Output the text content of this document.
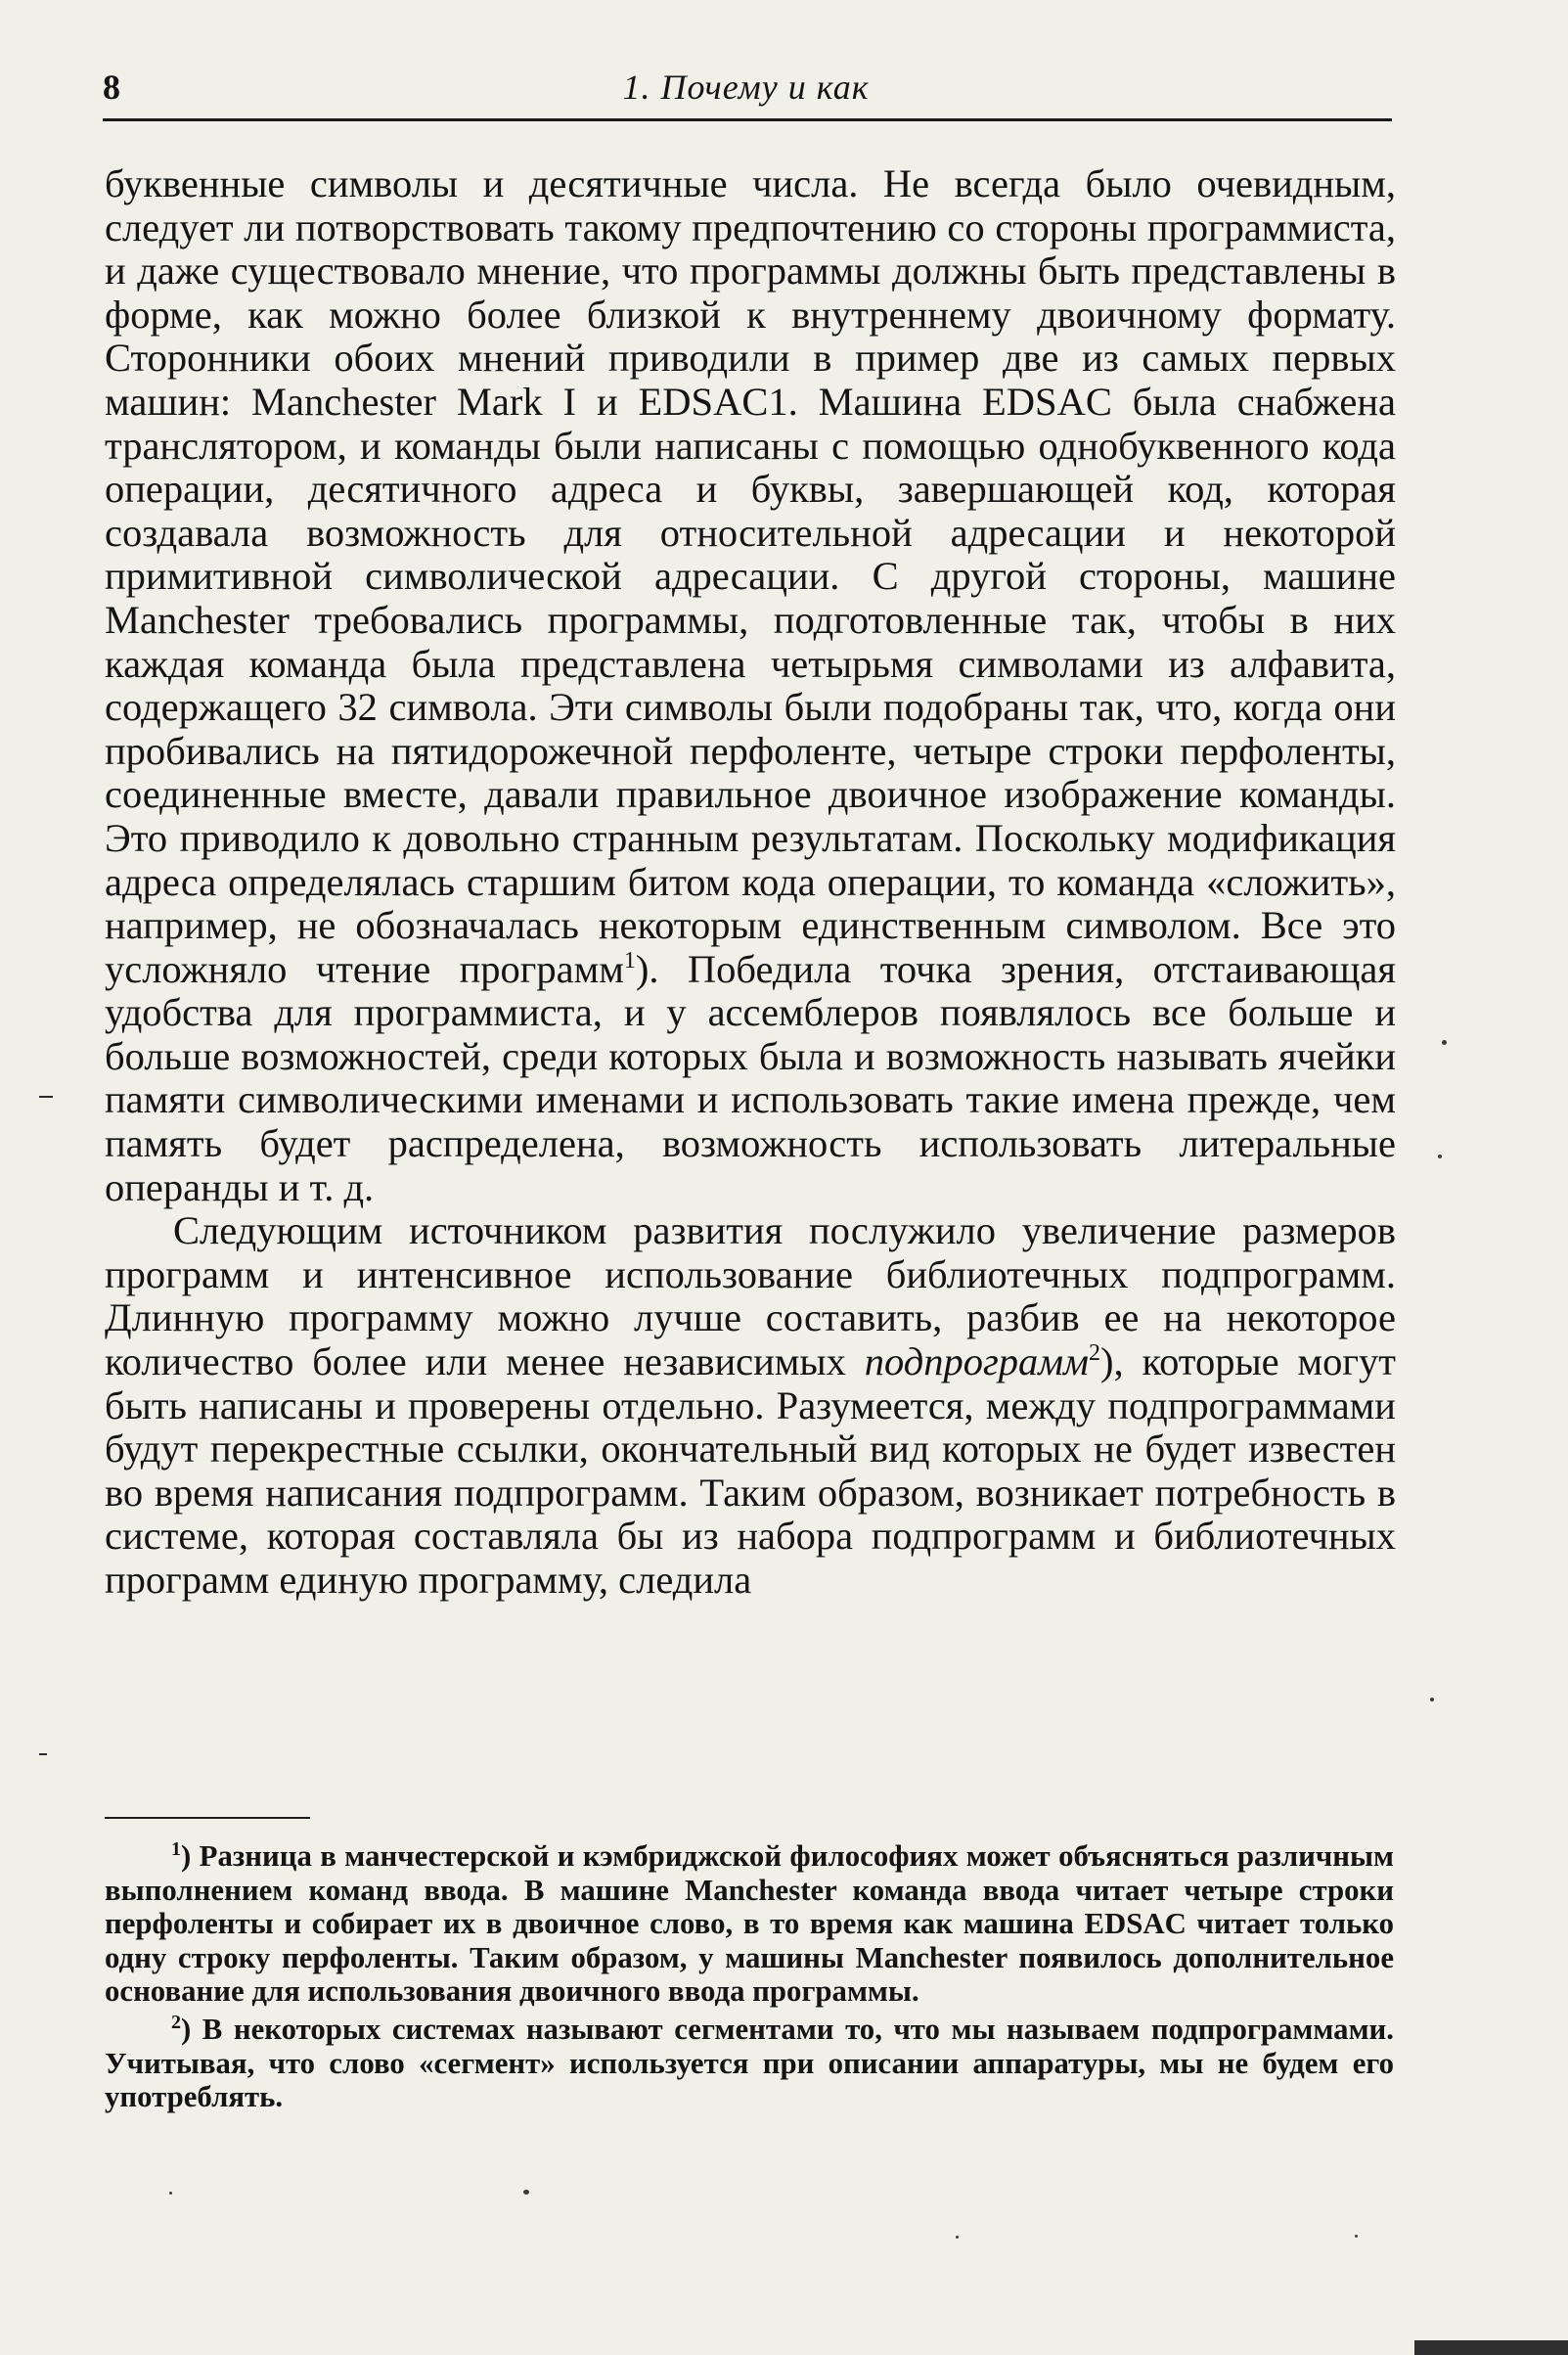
8	1. Почему и как

буквенные символы и десятичные числа. Не всегда было очевидным, следует ли потворствовать такому предпочтению со стороны программиста, и даже существовало мнение, что программы должны быть представлены в форме, как можно более близкой к внутреннему двоичному формату. Сторонники обоих мнений приводили в пример две из самых первых машин: Manchester Mark I и EDSAC1. Машина EDSAC была снабжена транслятором, и команды были написаны с помощью однобуквенного кода операции, десятичного адреса и буквы, завершающей код, которая создавала возможность для относительной адресации и некоторой примитивной символической адресации. С другой стороны, машине Manchester требовались программы, подготовленные так, чтобы в них каждая команда была представлена четырьмя символами из алфавита, содержащего 32 символа. Эти символы были подобраны так, что, когда они пробивались на пятидорожечной перфоленте, четыре строки перфоленты, соединенные вместе, давали правильное двоичное изображение команды. Это приводило к довольно странным результатам. Поскольку модификация адреса определялась старшим битом кода операции, то команда «сложить», например, не обозначалась некоторым единственным символом. Все это усложняло чтение программ$^1$). Победила точка зрения, отстаивающая удобства для программиста, и у ассемблеров появлялось все больше и больше возможностей, среди которых была и возможность называть ячейки памяти символическими именами и использовать такие имена прежде, чем память будет распределена, возможность использовать литеральные операнды и т. д.

Следующим источником развития послужило увеличение размеров программ и интенсивное использование библиотечных подпрограмм. Длинную программу можно лучше составить, разбив ее на некоторое количество более или менее независимых подпрограмм$^2$), которые могут быть написаны и проверены отдельно. Разумеется, между подпрограммами будут перекрестные ссылки, окончательный вид которых не будет известен во время написания подпрограмм. Таким образом, возникает потребность в системе, которая составляла бы из набора подпрограмм и библиотечных программ единую программу, следила

$^1$) Разница в манчестерской и кэмбриджской философиях может объясняться различным выполнением команд ввода. В машине Manchester команда ввода читает четыре строки перфоленты и собирает их в двоичное слово, в то время как машина EDSAC читает только одну строку перфоленты. Таким образом, у машины Manchester появилось дополнительное основание для использования двоичного ввода программы.

$^2$) В некоторых системах называют сегментами то, что мы называем подпрограммами. Учитывая, что слово «сегмент» используется при описании аппаратуры, мы не будем его употреблять.
